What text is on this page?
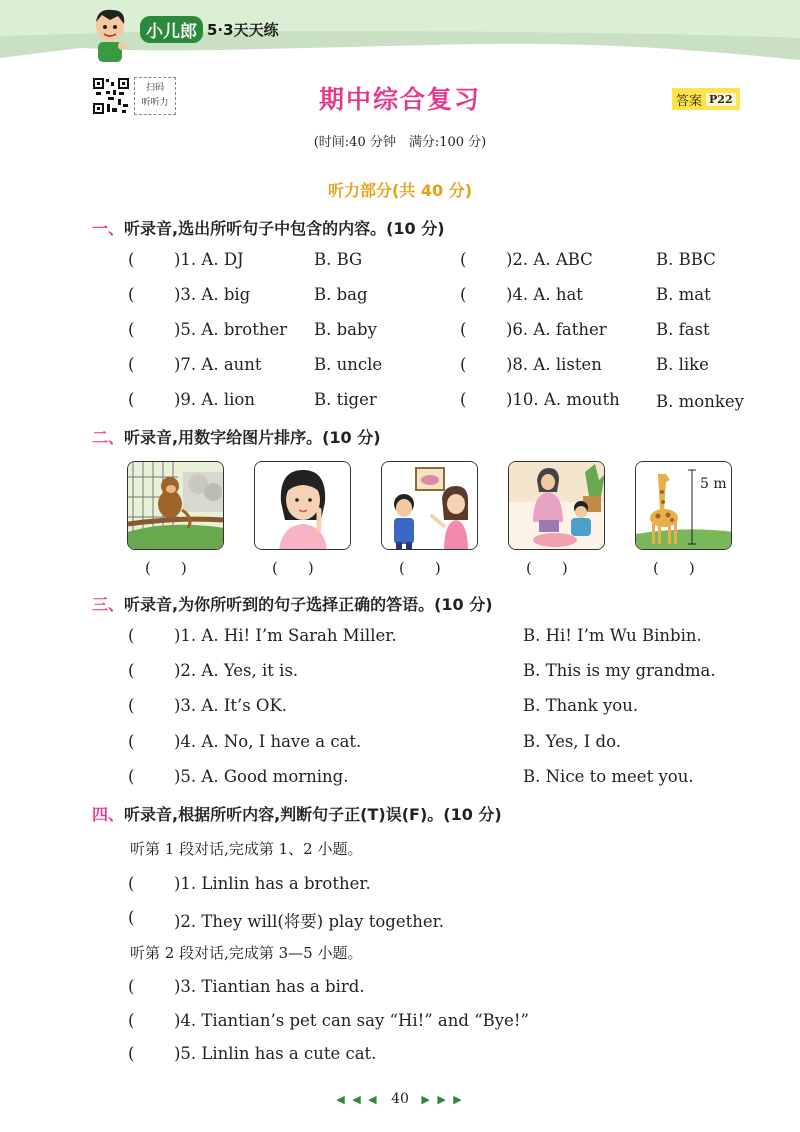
小儿郎 5·3天天练
扫码
听听力	期中综合复习	答案 P22
(时间:40 分钟　满分:100 分)
听力部分(共 40 分)
一、听录音,选出所听句子中包含的内容。(10 分)
( )1. A. DJ	B. BG	( )2. A. ABC	B. BBC
( )3. A. big	B. bag	( )4. A. hat	B. mat
( )5. A. brother B. baby	( )6. A. father	B. fast
( )7. A. aunt	B. uncle	( )8. A. listen	B. like
( )9. A. lion	B. tiger	( )10. A. mouth B. monkey
二、听录音,用数字给图片排序。(10 分)
5 m
(　　)	(　　)	(　　)	(　　)	(　　)
三、听录音,为你所听到的句子选择正确的答语。(10 分)
( )1. A. Hi! I’m Sarah Miller.	B. Hi! I’m Wu Binbin.
( )2. A. Yes, it is.	B. This is my grandma.
( )3. A. It’s OK.	B. Thank you.
( )4. A. No, I have a cat.	B. Yes, I do.
( )5. A. Good morning.	B. Nice to meet you.
四、听录音,根据所听内容,判断句子正(T)误(F)。(10 分)
听第 1 段对话,完成第 1、2 小题。
( )1. Linlin has a brother.
( )2. They will(将要) play together.
听第 2 段对话,完成第 3—5 小题。
( )3. Tiantian has a bird.
( )4. Tiantian’s pet can say “Hi!” and “Bye!”
( )5. Linlin has a cute cat.
◀ ◀ ◀ 40 ▶ ▶ ▶
